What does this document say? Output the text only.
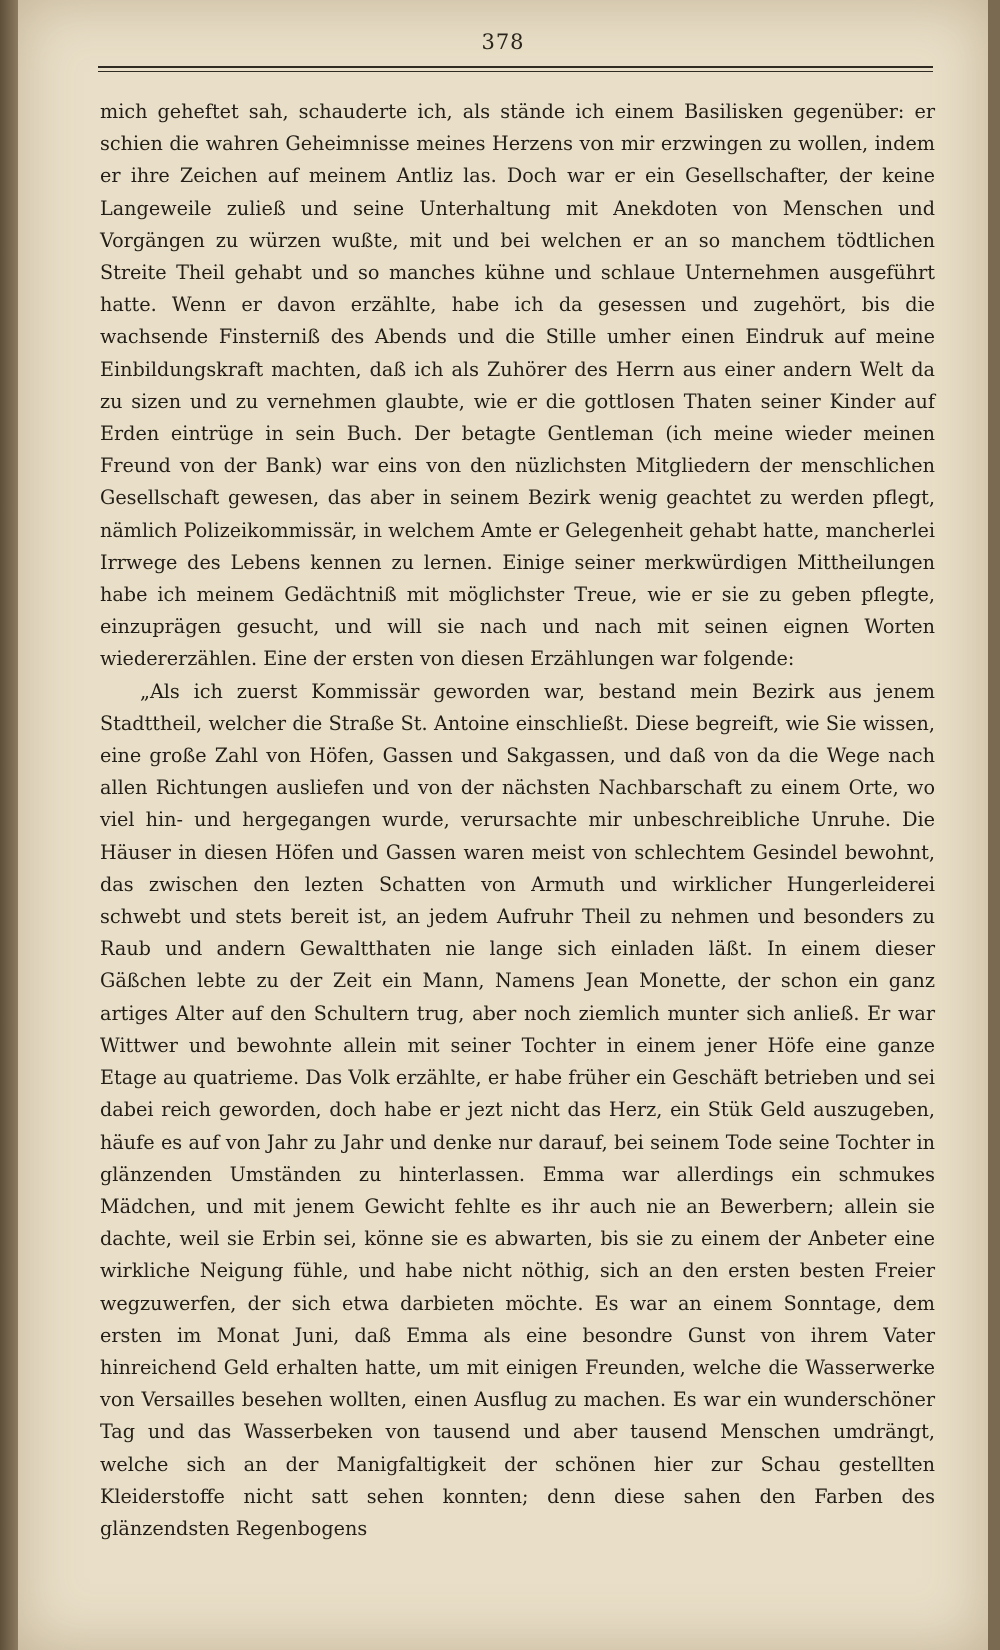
378

mich geheftet sah, schauderte ich, als stände ich einem Basilisken gegenüber: er schien die wahren Geheimnisse meines Herzens von mir erzwingen zu wollen, indem er ihre Zeichen auf meinem Antliz las. Doch war er ein Gesellschafter, der keine Langeweile zuließ und seine Unterhaltung mit Anekdoten von Menschen und Vorgängen zu würzen wußte, mit und bei welchen er an so manchem tödtlichen Streite Theil gehabt und so manches kühne und schlaue Unternehmen ausgeführt hatte. Wenn er davon erzählte, habe ich da gesessen und zugehört, bis die wachsende Finsterniß des Abends und die Stille umher einen Eindruk auf meine Einbildungskraft machten, daß ich als Zuhörer des Herrn aus einer andern Welt da zu sizen und zu vernehmen glaubte, wie er die gottlosen Thaten seiner Kinder auf Erden eintrüge in sein Buch. Der betagte Gentleman (ich meine wieder meinen Freund von der Bank) war eins von den nüzlichsten Mitgliedern der menschlichen Gesellschaft gewesen, das aber in seinem Bezirk wenig geachtet zu werden pflegt, nämlich Polizeikommissär, in welchem Amte er Gelegenheit gehabt hatte, mancherlei Irrwege des Lebens kennen zu lernen. Einige seiner merkwürdigen Mittheilungen habe ich meinem Gedächtniß mit möglichster Treue, wie er sie zu geben pflegte, einzuprägen gesucht, und will sie nach und nach mit seinen eignen Worten wiedererzählen. Eine der ersten von diesen Erzählungen war folgende:

„Als ich zuerst Kommissär geworden war, bestand mein Bezirk aus jenem Stadttheil, welcher die Straße St. Antoine einschließt. Diese begreift, wie Sie wissen, eine große Zahl von Höfen, Gassen und Sakgassen, und daß von da die Wege nach allen Richtungen ausliefen und von der nächsten Nachbarschaft zu einem Orte, wo viel hin- und hergegangen wurde, verursachte mir unbeschreibliche Unruhe. Die Häuser in diesen Höfen und Gassen waren meist von schlechtem Gesindel bewohnt, das zwischen den lezten Schatten von Armuth und wirklicher Hungerleiderei schwebt und stets bereit ist, an jedem Aufruhr Theil zu nehmen und besonders zu Raub und andern Gewaltthaten nie lange sich einladen läßt. In einem dieser Gäßchen lebte zu der Zeit ein Mann, Namens Jean Monette, der schon ein ganz artiges Alter auf den Schultern trug, aber noch ziemlich munter sich anließ. Er war Wittwer und bewohnte allein mit seiner Tochter in einem jener Höfe eine ganze Etage au quatrieme. Das Volk erzählte, er habe früher ein Geschäft betrieben und sei dabei reich geworden, doch habe er jezt nicht das Herz, ein Stük Geld auszugeben, häufe es auf von Jahr zu Jahr und denke nur darauf, bei seinem Tode seine Tochter in glänzenden Umständen zu hinterlassen. Emma war allerdings ein schmukes Mädchen, und mit jenem Gewicht fehlte es ihr auch nie an Bewerbern; allein sie dachte, weil sie Erbin sei, könne sie es abwarten, bis sie zu einem der Anbeter eine wirkliche Neigung fühle, und habe nicht nöthig, sich an den ersten besten Freier wegzuwerfen, der sich etwa darbieten möchte. Es war an einem Sonntage, dem ersten im Monat Juni, daß Emma als eine besondre Gunst von ihrem Vater hinreichend Geld erhalten hatte, um mit einigen Freunden, welche die Wasserwerke von Versailles besehen wollten, einen Ausflug zu machen. Es war ein wunderschöner Tag und das Wasserbeken von tausend und aber tausend Menschen umdrängt, welche sich an der Manigfaltigkeit der schönen hier zur Schau gestellten Kleiderstoffe nicht satt sehen konnten; denn diese sahen den Farben des glänzendsten Regenbogens
